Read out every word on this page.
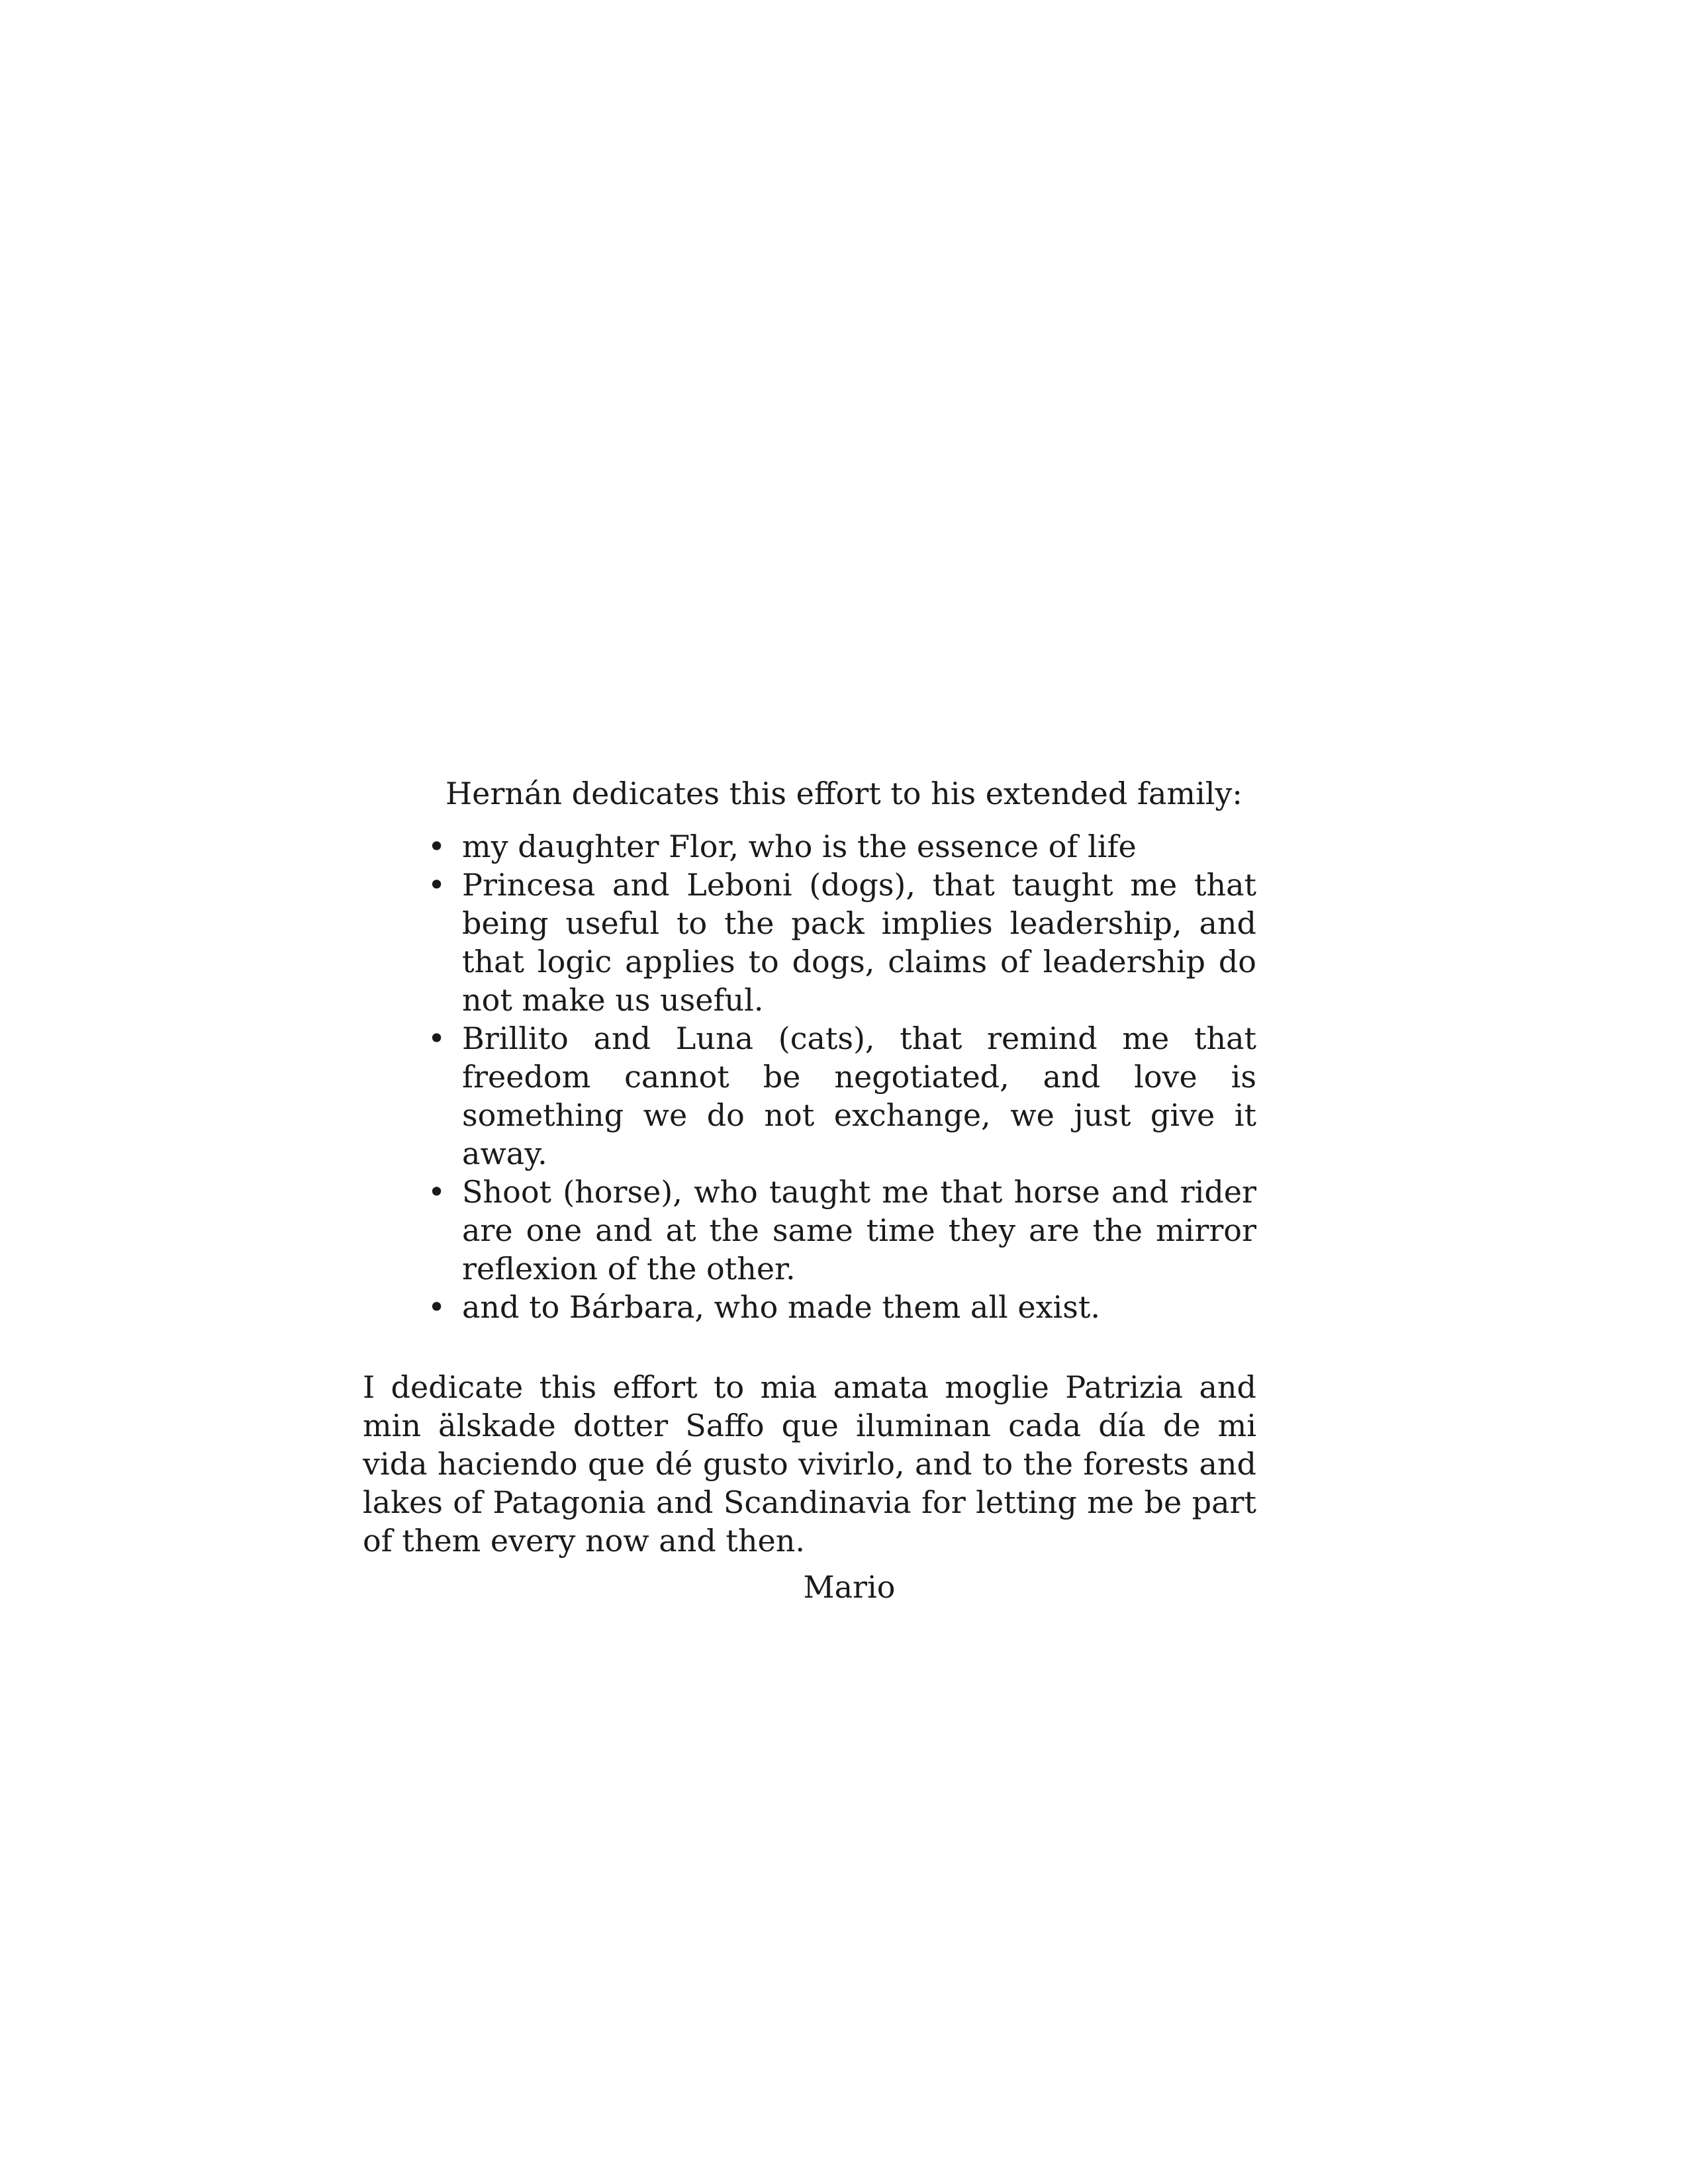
Hernán dedicates this effort to his extended family:

• my daughter Flor, who is the essence of life
• Princesa and Leboni (dogs), that taught me that being useful to the pack implies leadership, and that logic applies to dogs, claims of leadership do not make us useful.
• Brillito and Luna (cats), that remind me that freedom cannot be negotiated, and love is something we do not exchange, we just give it away.
• Shoot (horse), who taught me that horse and rider are one and at the same time they are the mirror reflexion of the other.
• and to Bárbara, who made them all exist.

I dedicate this effort to mia amata moglie Patrizia and min älskade dotter Saffo que iluminan cada día de mi vida haciendo que dé gusto vivirlo, and to the forests and lakes of Patagonia and Scandinavia for letting me be part of them every now and then.

Mario
